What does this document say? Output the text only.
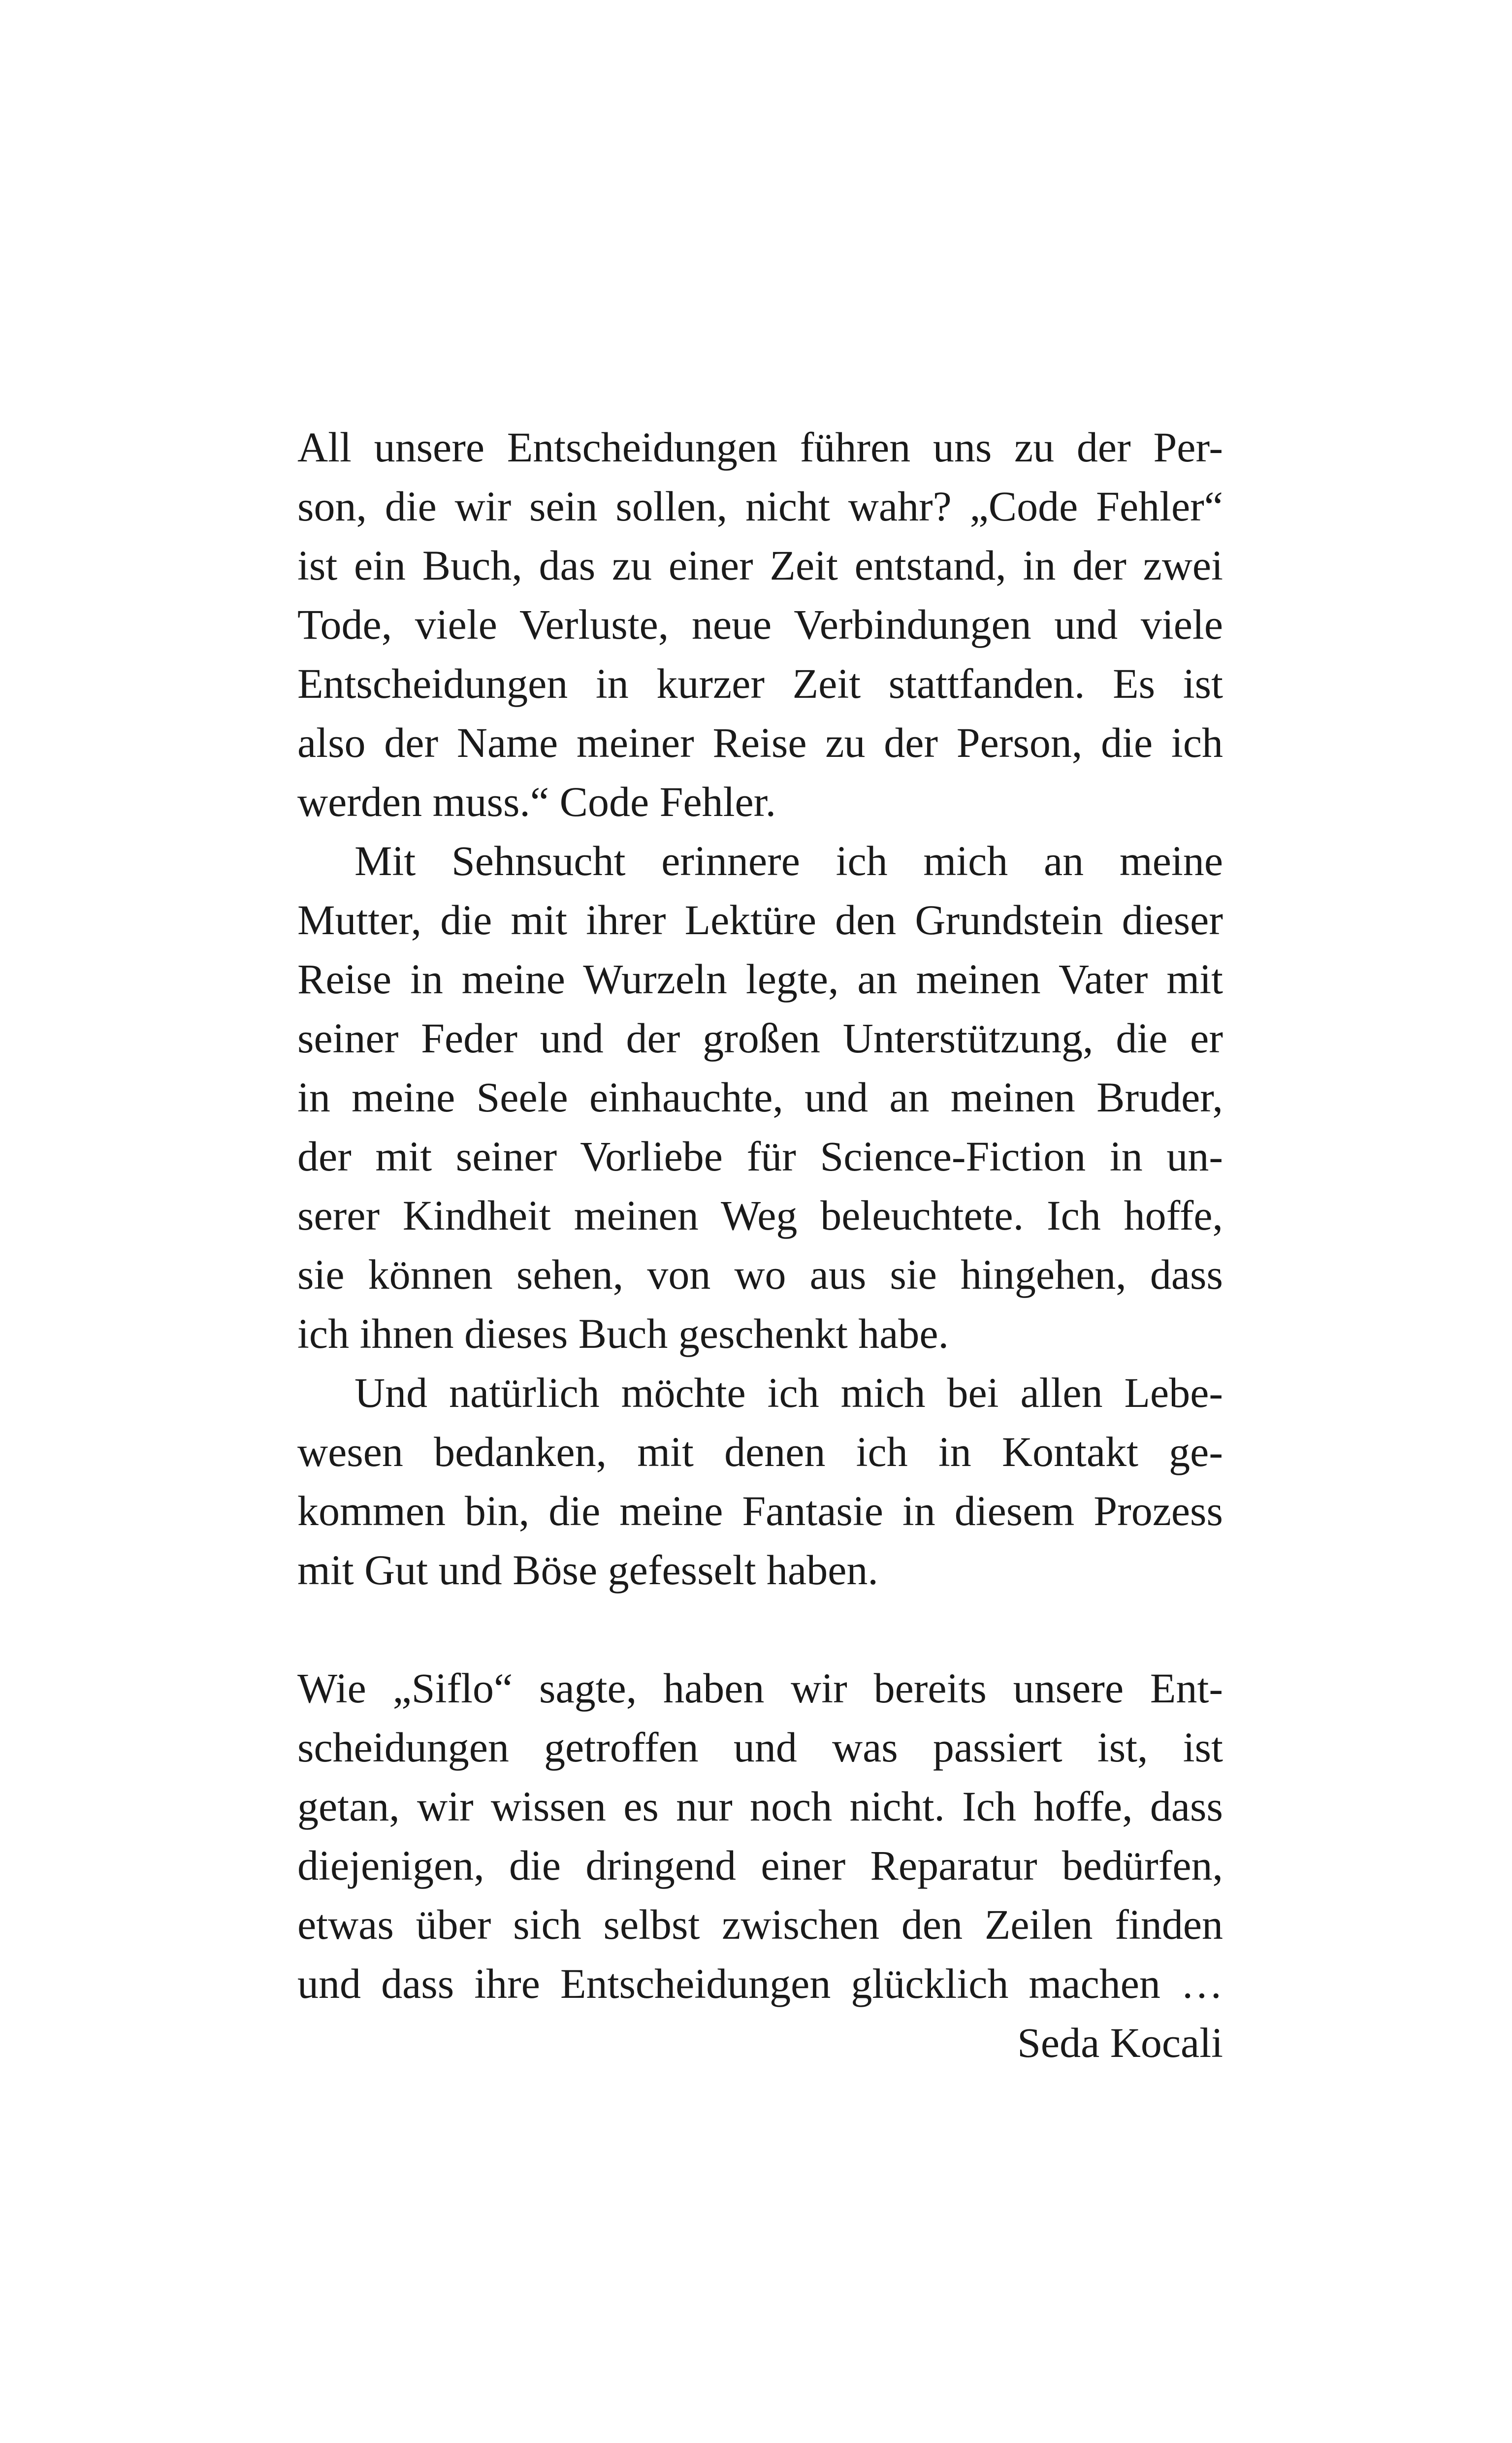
All unsere Entscheidungen führen uns zu der Per-
son, die wir sein sollen, nicht wahr? „Code Fehler“
ist ein Buch, das zu einer Zeit entstand, in der zwei
Tode, viele Verluste, neue Verbindungen und viele
Entscheidungen in kurzer Zeit stattfanden. Es ist
also der Name meiner Reise zu der Person, die ich
werden muss.“ Code Fehler.
Mit Sehnsucht erinnere ich mich an meine
Mutter, die mit ihrer Lektüre den Grundstein dieser
Reise in meine Wurzeln legte, an meinen Vater mit
seiner Feder und der großen Unterstützung, die er
in meine Seele einhauchte, und an meinen Bruder,
der mit seiner Vorliebe für Science-Fiction in un-
serer Kindheit meinen Weg beleuchtete. Ich hoffe,
sie können sehen, von wo aus sie hingehen, dass
ich ihnen dieses Buch geschenkt habe.
Und natürlich möchte ich mich bei allen Lebe-
wesen bedanken, mit denen ich in Kontakt ge-
kommen bin, die meine Fantasie in diesem Prozess
mit Gut und Böse gefesselt haben.
Wie „Siflo“ sagte, haben wir bereits unsere Ent-
scheidungen getroffen und was passiert ist, ist
getan, wir wissen es nur noch nicht. Ich hoffe, dass
diejenigen, die dringend einer Reparatur bedürfen,
etwas über sich selbst zwischen den Zeilen finden
und dass ihre Entscheidungen glücklich machen …
Seda Kocali
